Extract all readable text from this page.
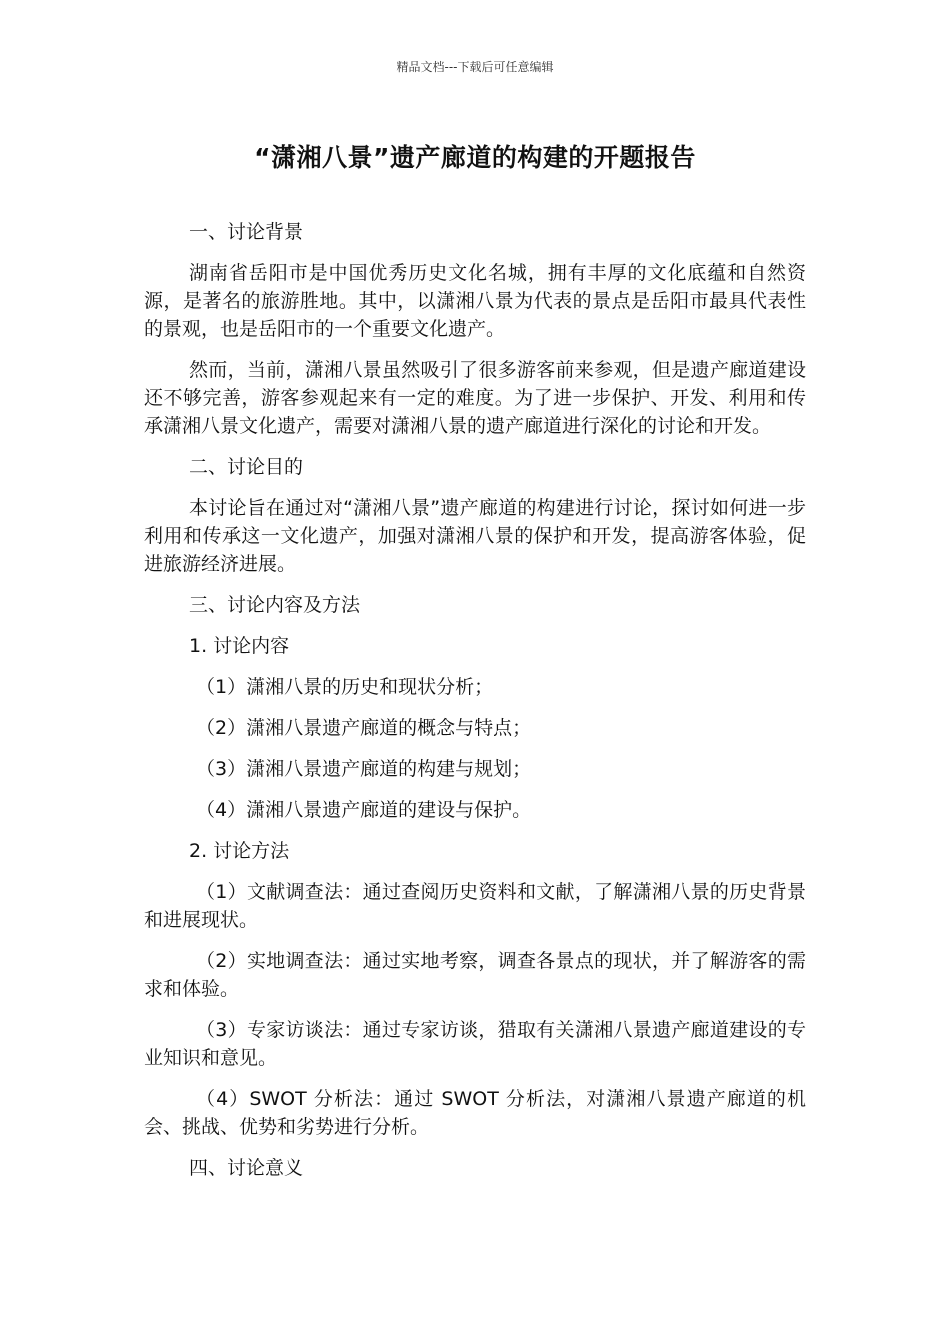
精品文档---下载后可任意编辑
“潇湘八景”遗产廊道的构建的开题报告

一、讨论背景

湖南省岳阳市是中国优秀历史文化名城，拥有丰厚的文化底蕴和自然资源，是著名的旅游胜地。其中，以潇湘八景为代表的景点是岳阳市最具代表性的景观，也是岳阳市的一个重要文化遗产。

然而，当前，潇湘八景虽然吸引了很多游客前来参观，但是遗产廊道建设还不够完善，游客参观起来有一定的难度。为了进一步保护、开发、利用和传承潇湘八景文化遗产，需要对潇湘八景的遗产廊道进行深化的讨论和开发。

二、讨论目的

本讨论旨在通过对“潇湘八景”遗产廊道的构建进行讨论，探讨如何进一步利用和传承这一文化遗产，加强对潇湘八景的保护和开发，提高游客体验，促进旅游经济进展。

三、讨论内容及方法

1. 讨论内容

（1）潇湘八景的历史和现状分析；

（2）潇湘八景遗产廊道的概念与特点；

（3）潇湘八景遗产廊道的构建与规划；

（4）潇湘八景遗产廊道的建设与保护。

2. 讨论方法

（1）文献调查法：通过查阅历史资料和文献，了解潇湘八景的历史背景和进展现状。

（2）实地调查法：通过实地考察，调查各景点的现状，并了解游客的需求和体验。

（3）专家访谈法：通过专家访谈，猎取有关潇湘八景遗产廊道建设的专业知识和意见。

（4）SWOT 分析法：通过 SWOT 分析法，对潇湘八景遗产廊道的机会、挑战、优势和劣势进行分析。

四、讨论意义
